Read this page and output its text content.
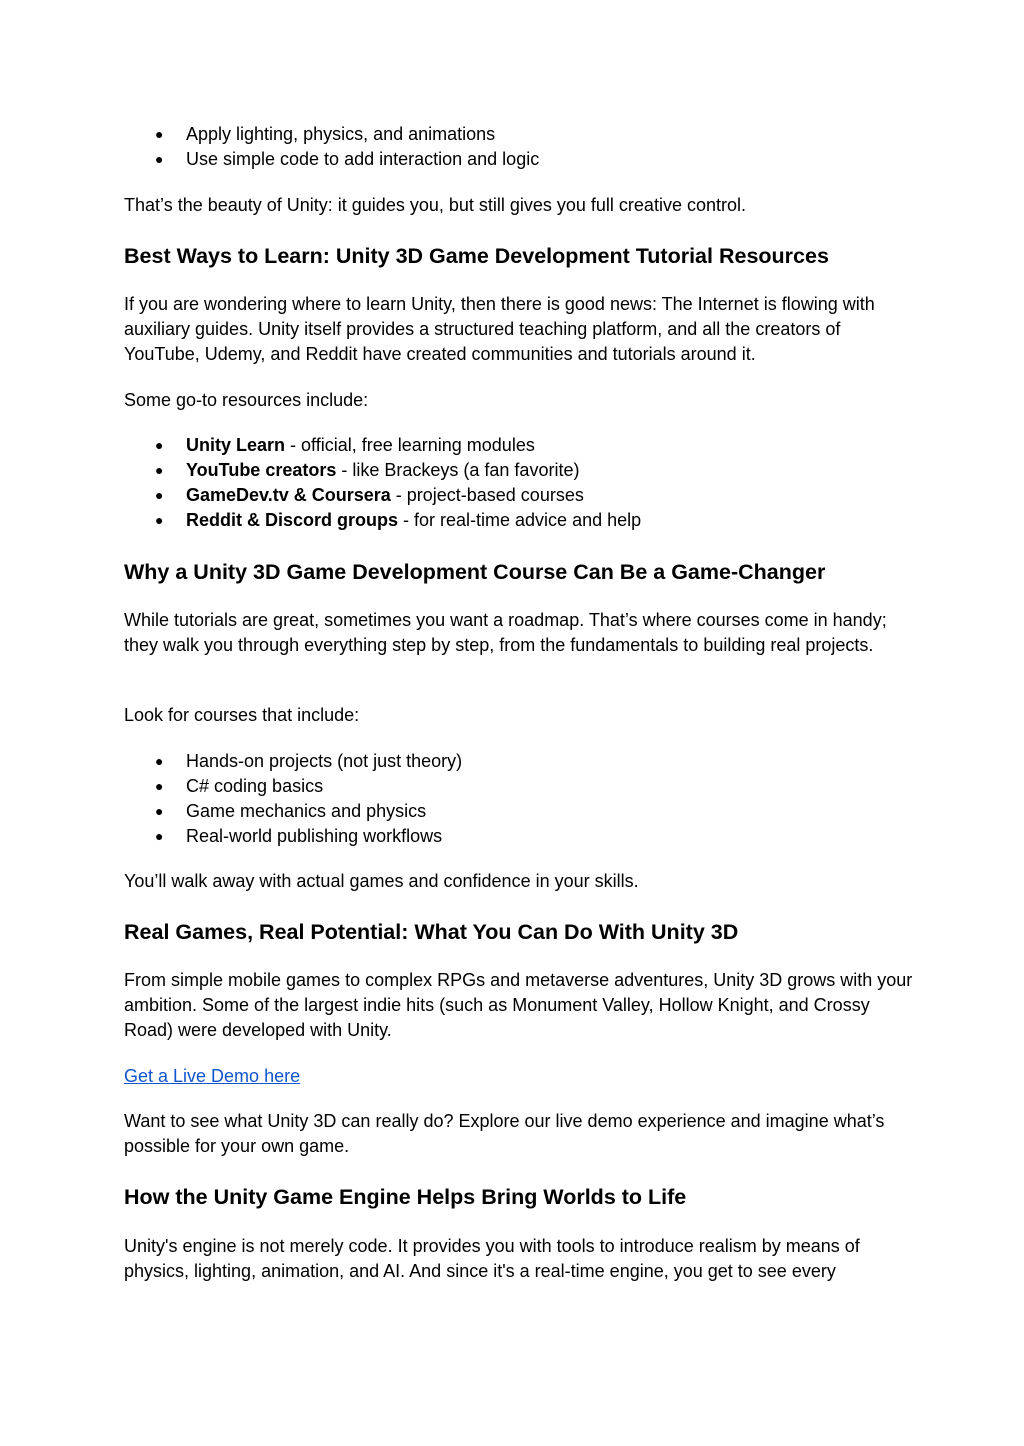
● Apply lighting, physics, and animations
● Use simple code to add interaction and logic

That’s the beauty of Unity: it guides you, but still gives you full creative control.

Best Ways to Learn: Unity 3D Game Development Tutorial Resources

If you are wondering where to learn Unity, then there is good news: The Internet is flowing with auxiliary guides. Unity itself provides a structured teaching platform, and all the creators of YouTube, Udemy, and Reddit have created communities and tutorials around it.

Some go-to resources include:

● Unity Learn - official, free learning modules
● YouTube creators - like Brackeys (a fan favorite)
● GameDev.tv & Coursera - project-based courses
● Reddit & Discord groups - for real-time advice and help
Why a Unity 3D Game Development Course Can Be a Game-Changer

While tutorials are great, sometimes you want a roadmap. That’s where courses come in handy; they walk you through everything step by step, from the fundamentals to building real projects.

Look for courses that include:

● Hands-on projects (not just theory)
● C# coding basics
● Game mechanics and physics
● Real-world publishing workflows

You’ll walk away with actual games and confidence in your skills.

Real Games, Real Potential: What You Can Do With Unity 3D

From simple mobile games to complex RPGs and metaverse adventures, Unity 3D grows with your ambition. Some of the largest indie hits (such as Monument Valley, Hollow Knight, and Crossy Road) were developed with Unity.

Get a Live Demo here

Want to see what Unity 3D can really do? Explore our live demo experience and imagine what’s possible for your own game.

How the Unity Game Engine Helps Bring Worlds to Life

Unity's engine is not merely code. It provides you with tools to introduce realism by means of physics, lighting, animation, and AI. And since it's a real-time engine, you get to see every
